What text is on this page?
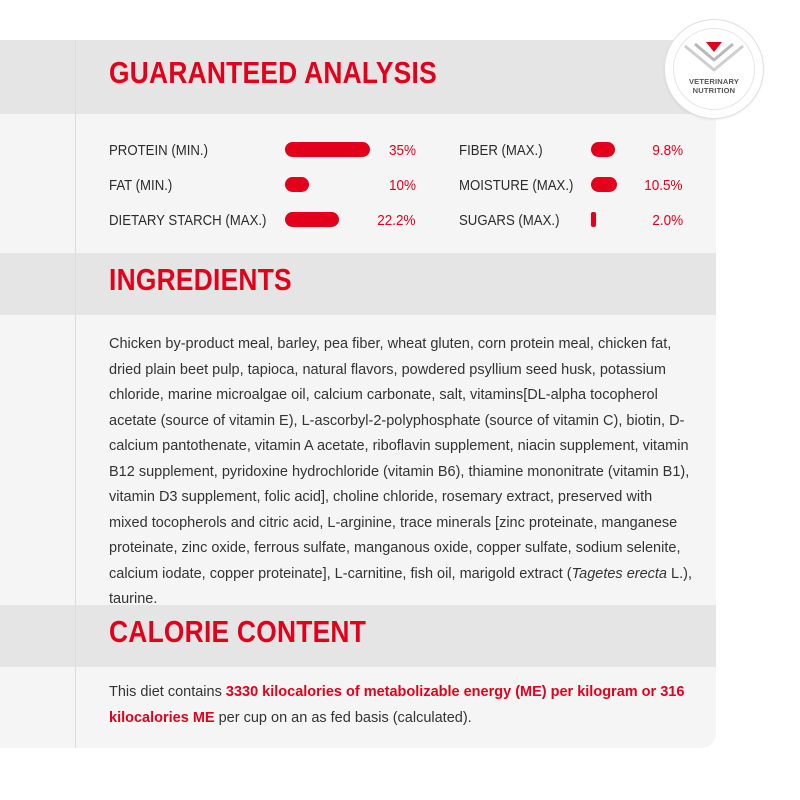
GUARANTEED ANALYSIS
PROTEIN (MIN.)	35%
FAT (MIN.)	10%
DIETARY STARCH (MAX.)	22.2%
FIBER (MAX.)	9.8%
MOISTURE (MAX.)	10.5%
SUGARS (MAX.)	2.0%
INGREDIENTS

Chicken by-product meal, barley, pea fiber, wheat gluten, corn protein meal, chicken fat, dried plain beet pulp, tapioca, natural flavors, powdered psyllium seed husk, potassium chloride, marine microalgae oil, calcium carbonate, salt, vitamins[DL-alpha tocopherol acetate (source of vitamin E), L-ascorbyl-2-polyphosphate (source of vitamin C), biotin, D-calcium pantothenate, vitamin A acetate, riboflavin supplement, niacin supplement, vitamin B12 supplement, pyridoxine hydrochloride (vitamin B6), thiamine mononitrate (vitamin B1), vitamin D3 supplement, folic acid], choline chloride, rosemary extract, preserved with mixed tocopherols and citric acid, L-arginine, trace minerals [zinc proteinate, manganese proteinate, zinc oxide, ferrous sulfate, manganous oxide, copper sulfate, sodium selenite, calcium iodate, copper proteinate], L-carnitine, fish oil, marigold extract (Tagetes erecta L.), taurine.

CALORIE CONTENT

This diet contains 3330 kilocalories of metabolizable energy (ME) per kilogram or 316 kilocalories ME per cup on an as fed basis (calculated).

VETERINARY
NUTRITION
